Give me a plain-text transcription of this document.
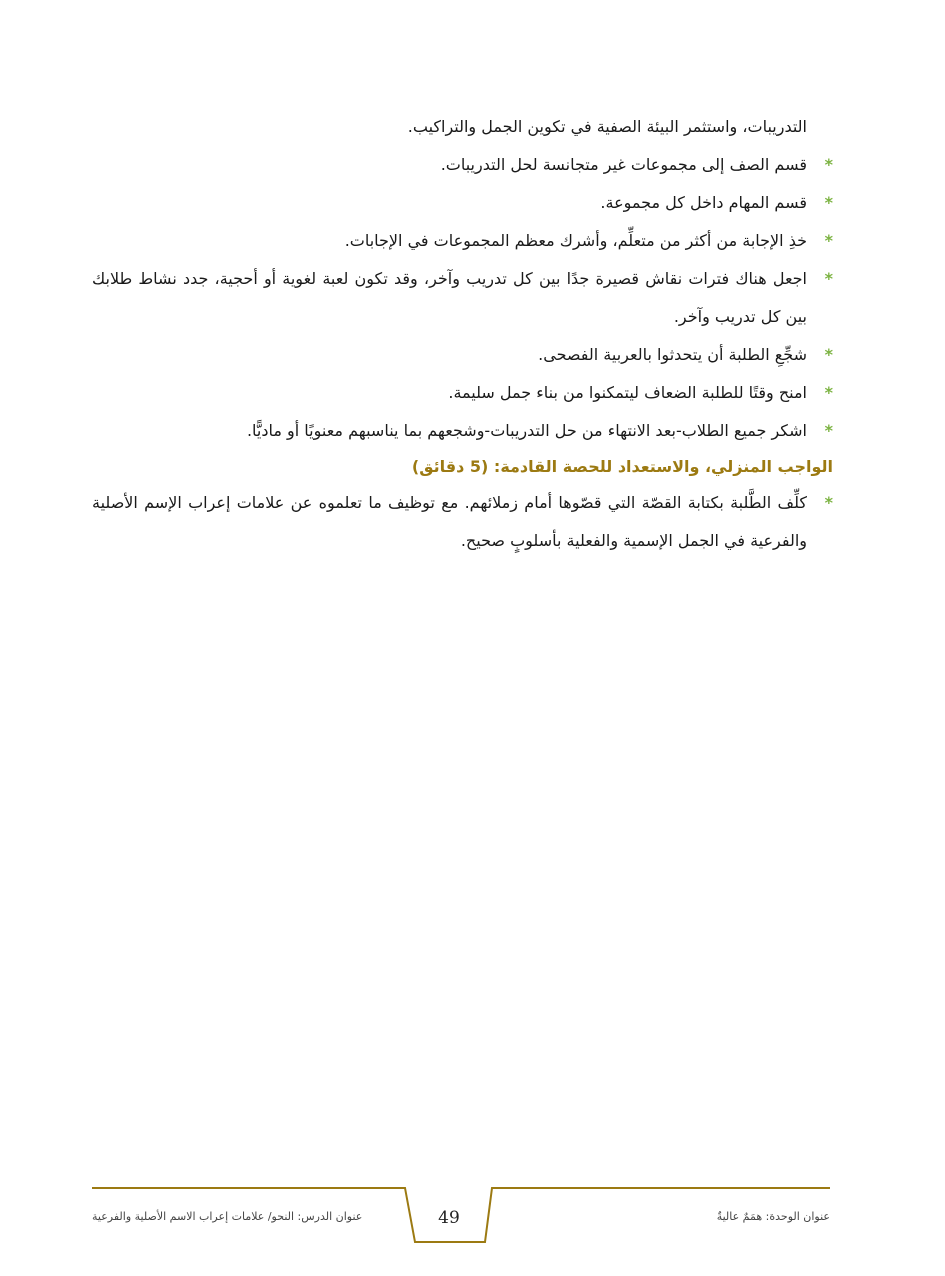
التدريبات، واستثمر البيئة الصفية في تكوين الجمل والتراكيب.

*
قسم الصف إلى مجموعات غير متجانسة لحل التدريبات.
*
قسم المهام داخل كل مجموعة.
*
خذِ الإجابة من أكثر من متعلِّم، وأشرك معظم المجموعات في الإجابات.
*
اجعل هناك فترات نقاش قصيرة جدًا بين كل تدريب وآخر، وقد تكون لعبة لغوية أو أحجية، جدد نشاط طلابك بين كل تدريب وآخر.
*
شجِّعِ الطلبة أن يتحدثوا بالعربية الفصحى.
*
امنح وقتًا للطلبة الضعاف ليتمكنوا من بناء جمل سليمة.
*
اشكر جميع الطلاب-بعد الانتهاء من حل التدريبات-وشجعهم بما يناسبهم معنويًا أو ماديًّا.
الواجب المنزلي، والاستعداد للحصة القادمة: (5 دقائق)
*
كلِّف الطَّلبة بكتابة القصّة التي قصّوها أمام زملائهم. مع توظيف ما تعلموه عن علامات إعراب الإسم الأصلية والفرعية في الجمل الإسمية والفعلية بأسلوبٍ صحيح.
عنوان الدرس: النحو/ علامات إعراب الاسم الأصلية والفرعية	49	عنوان الوحدة: همَمٌ عاليةٌ
